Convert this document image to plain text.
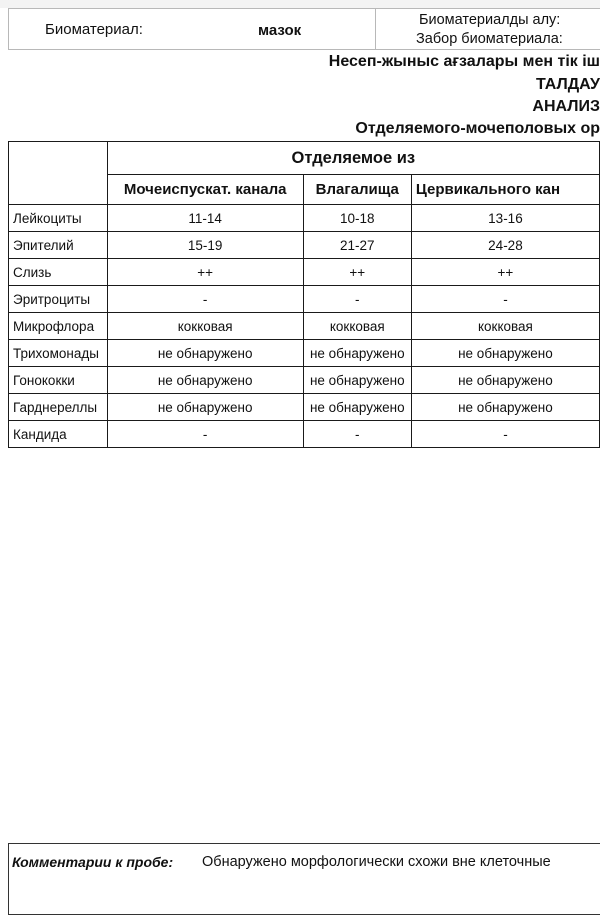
Биоматериал:	мазок
Биоматериалды алу:
Забор биоматериала:
Несеп-жыныс ағзалары мен тік іш
ТАЛДАУ
АНАЛИЗ
Отделяемого-мочеполовых ор
	Отделяемое из		
	Мочеиспускат. канала	Влагалища	Цервикального кан
Лейкоциты	11-14	10-18	13-16
Эпителий	15-19	21-27	24-28
Слизь	++	++	++
Эритроциты	-	-	-
Микрофлора	кокковая	кокковая	кокковая
Трихомонады	не обнаружено	не обнаружено	не обнаружено
Гонококки	не обнаружено	не обнаружено	не обнаружено
Гарднереллы	не обнаружено	не обнаружено	не обнаружено
Кандида	-	-	-
Комментарии к пробе: Обнаружено морфологически схожи вне клеточные
